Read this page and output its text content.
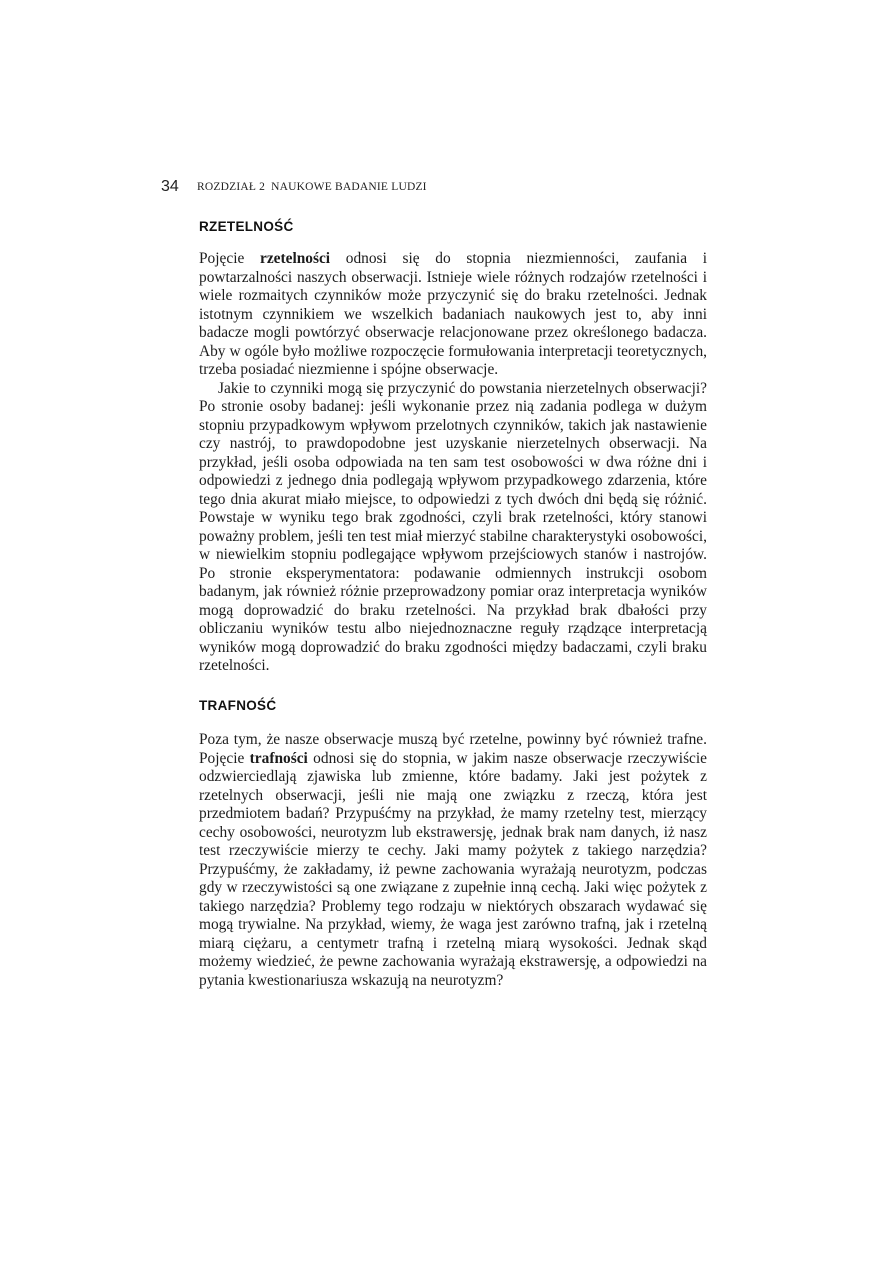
34 ROZDZIAŁ 2 NAUKOWE BADANIE LUDZI
RZETELNOŚĆ

Pojęcie rzetelności odnosi się do stopnia niezmienności, zaufania i powtarzalności naszych obserwacji. Istnieje wiele różnych rodzajów rzetelności i wiele rozmaitych czynników może przyczynić się do braku rzetelności. Jednak istotnym czynnikiem we wszelkich badaniach naukowych jest to, aby inni badacze mogli powtórzyć obserwacje relacjonowane przez określonego badacza. Aby w ogóle było możliwe rozpoczęcie formułowania interpretacji teoretycznych, trzeba posiadać niezmienne i spójne obserwacje.

Jakie to czynniki mogą się przyczynić do powstania nierzetelnych obserwacji? Po stronie osoby badanej: jeśli wykonanie przez nią zadania podlega w dużym stopniu przypadkowym wpływom przelotnych czynników, takich jak nastawienie czy nastrój, to prawdopodobne jest uzyskanie nierzetelnych obserwacji. Na przykład, jeśli osoba odpowiada na ten sam test osobowości w dwa różne dni i odpowiedzi z jednego dnia podlegają wpływom przypadkowego zdarzenia, które tego dnia akurat miało miejsce, to odpowiedzi z tych dwóch dni będą się różnić. Powstaje w wyniku tego brak zgodności, czyli brak rzetelności, który stanowi poważny problem, jeśli ten test miał mierzyć stabilne charakterystyki osobowości, w niewielkim stopniu podlegające wpływom przejściowych stanów i nastrojów. Po stronie eksperymentatora: podawanie odmiennych instrukcji osobom badanym, jak również różnie przeprowadzony pomiar oraz interpretacja wyników mogą doprowadzić do braku rzetelności. Na przykład brak dbałości przy obliczaniu wyników testu albo niejednoznaczne reguły rządzące interpretacją wyników mogą doprowadzić do braku zgodności między badaczami, czyli braku rzetelności.

TRAFNOŚĆ

Poza tym, że nasze obserwacje muszą być rzetelne, powinny być również trafne. Pojęcie trafności odnosi się do stopnia, w jakim nasze obserwacje rzeczywiście odzwierciedlają zjawiska lub zmienne, które badamy. Jaki jest pożytek z rzetelnych obserwacji, jeśli nie mają one związku z rzeczą, która jest przedmiotem badań? Przypuśćmy na przykład, że mamy rzetelny test, mierzący cechy osobowości, neurotyzm lub ekstrawersję, jednak brak nam danych, iż nasz test rzeczywiście mierzy te cechy. Jaki mamy pożytek z takiego narzędzia? Przypuśćmy, że zakładamy, iż pewne zachowania wyrażają neurotyzm, podczas gdy w rzeczywistości są one związane z zupełnie inną cechą. Jaki więc pożytek z takiego narzędzia? Problemy tego rodzaju w niektórych obszarach wydawać się mogą trywialne. Na przykład, wiemy, że waga jest zarówno trafną, jak i rzetelną miarą ciężaru, a centymetr trafną i rzetelną miarą wysokości. Jednak skąd możemy wiedzieć, że pewne zachowania wyrażają ekstrawersję, a odpowiedzi na pytania kwestionariusza wskazują na neurotyzm?
